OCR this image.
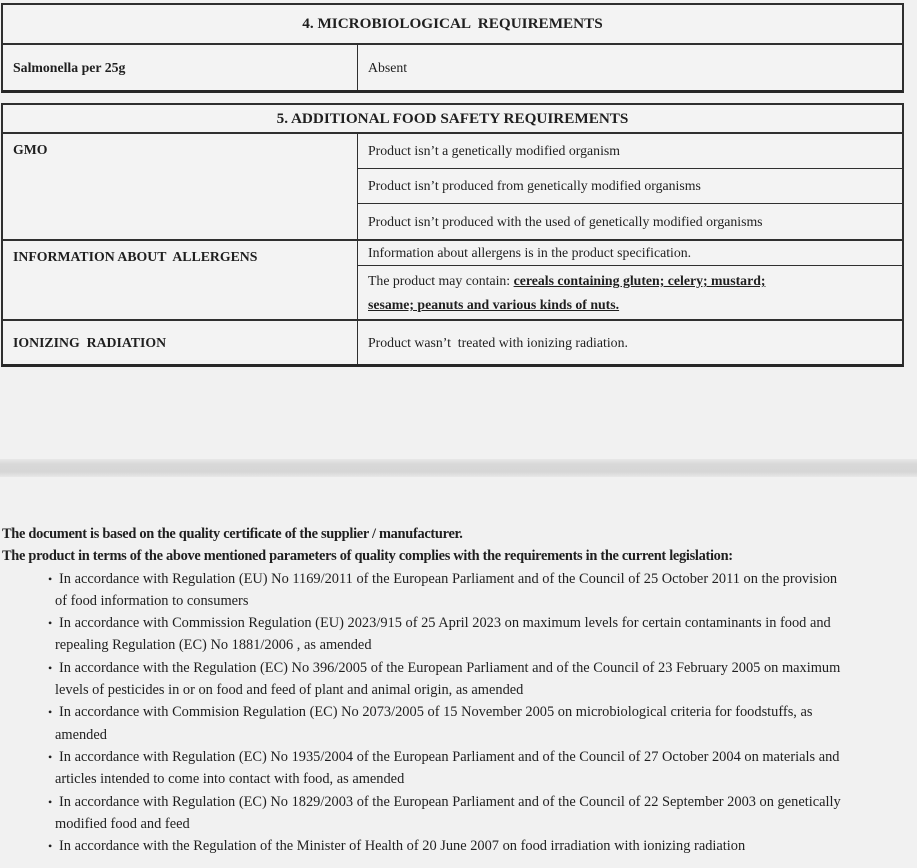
4. MICROBIOLOGICAL  REQUIREMENTS
Salmonella per 25g	Absent
5. ADDITIONAL FOOD SAFETY REQUIREMENTS
GMO	Product isn’t a genetically modified organism
Product isn’t produced from genetically modified organisms
Product isn’t produced with the used of genetically modified organisms
INFORMATION ABOUT  ALLERGENS	Information about allergens is in the product specification.
The product may contain: cereals containing gluten; celery; mustard;
sesame; peanuts and various kinds of nuts.
IONIZING  RADIATION	Product wasn’t  treated with ionizing radiation.
The document is based on the quality certificate of the supplier / manufacturer.
The product in terms of the above mentioned parameters of quality complies with the requirements in the current legislation:
• In accordance with Regulation (EU) No 1169/2011 of the European Parliament and of the Council of 25 October 2011 on the provision
of food information to consumers
• In accordance with Commission Regulation (EU) 2023/915 of 25 April 2023 on maximum levels for certain contaminants in food and
repealing Regulation (EC) No 1881/2006 , as amended
• In accordance with the Regulation (EC) No 396/2005 of the European Parliament and of the Council of 23 February 2005 on maximum
levels of pesticides in or on food and feed of plant and animal origin, as amended
• In accordance with Commision Regulation (EC) No 2073/2005 of 15 November 2005 on microbiological criteria for foodstuffs, as
amended
• In accordance with Regulation (EC) No 1935/2004 of the European Parliament and of the Council of 27 October 2004 on materials and
articles intended to come into contact with food, as amended
• In accordance with Regulation (EC) No 1829/2003 of the European Parliament and of the Council of 22 September 2003 on genetically
modified food and feed
• In accordance with the Regulation of the Minister of Health of 20 June 2007 on food irradiation with ionizing radiation
